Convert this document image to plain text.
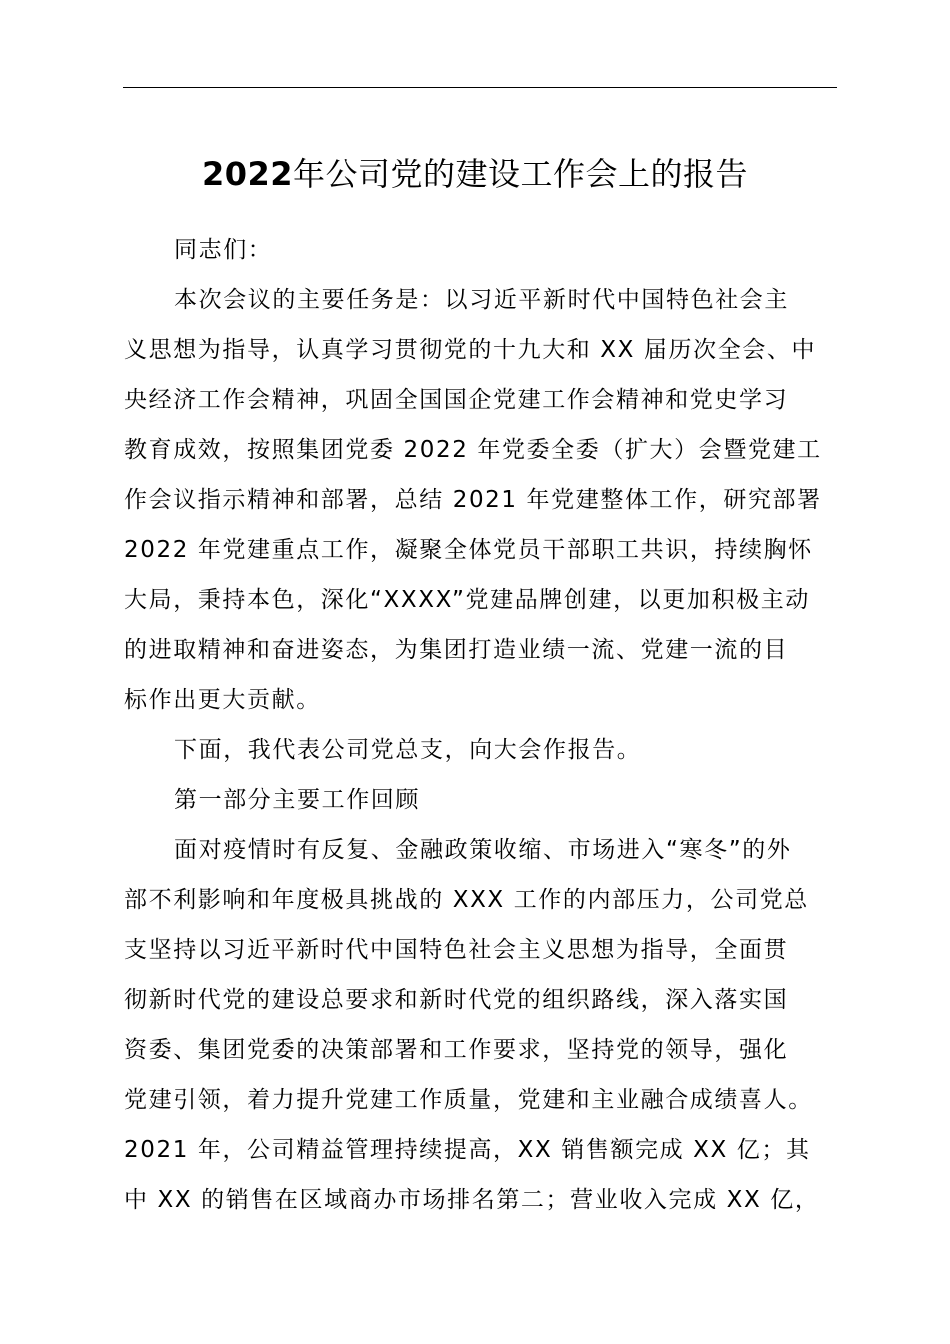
2022年公司党的建设工作会上的报告
同志们：
本次会议的主要任务是：以习近平新时代中国特色社会主
义思想为指导，认真学习贯彻党的十九大和 XX 届历次全会、中
央经济工作会精神，巩固全国国企党建工作会精神和党史学习
教育成效，按照集团党委 2022 年党委全委（扩大）会暨党建工
作会议指示精神和部署，总结 2021 年党建整体工作，研究部署
2022 年党建重点工作，凝聚全体党员干部职工共识，持续胸怀
大局，秉持本色，深化“XXXX”党建品牌创建，以更加积极主动
的进取精神和奋进姿态，为集团打造业绩一流、党建一流的目
标作出更大贡献。
下面，我代表公司党总支，向大会作报告。
第一部分主要工作回顾
面对疫情时有反复、金融政策收缩、市场进入“寒冬”的外
部不利影响和年度极具挑战的 XXX 工作的内部压力，公司党总
支坚持以习近平新时代中国特色社会主义思想为指导，全面贯
彻新时代党的建设总要求和新时代党的组织路线，深入落实国
资委、集团党委的决策部署和工作要求，坚持党的领导，强化
党建引领，着力提升党建工作质量，党建和主业融合成绩喜人。
2021 年，公司精益管理持续提高，XX 销售额完成 XX 亿；其
中 XX 的销售在区域商办市场排名第二；营业收入完成 XX 亿，
